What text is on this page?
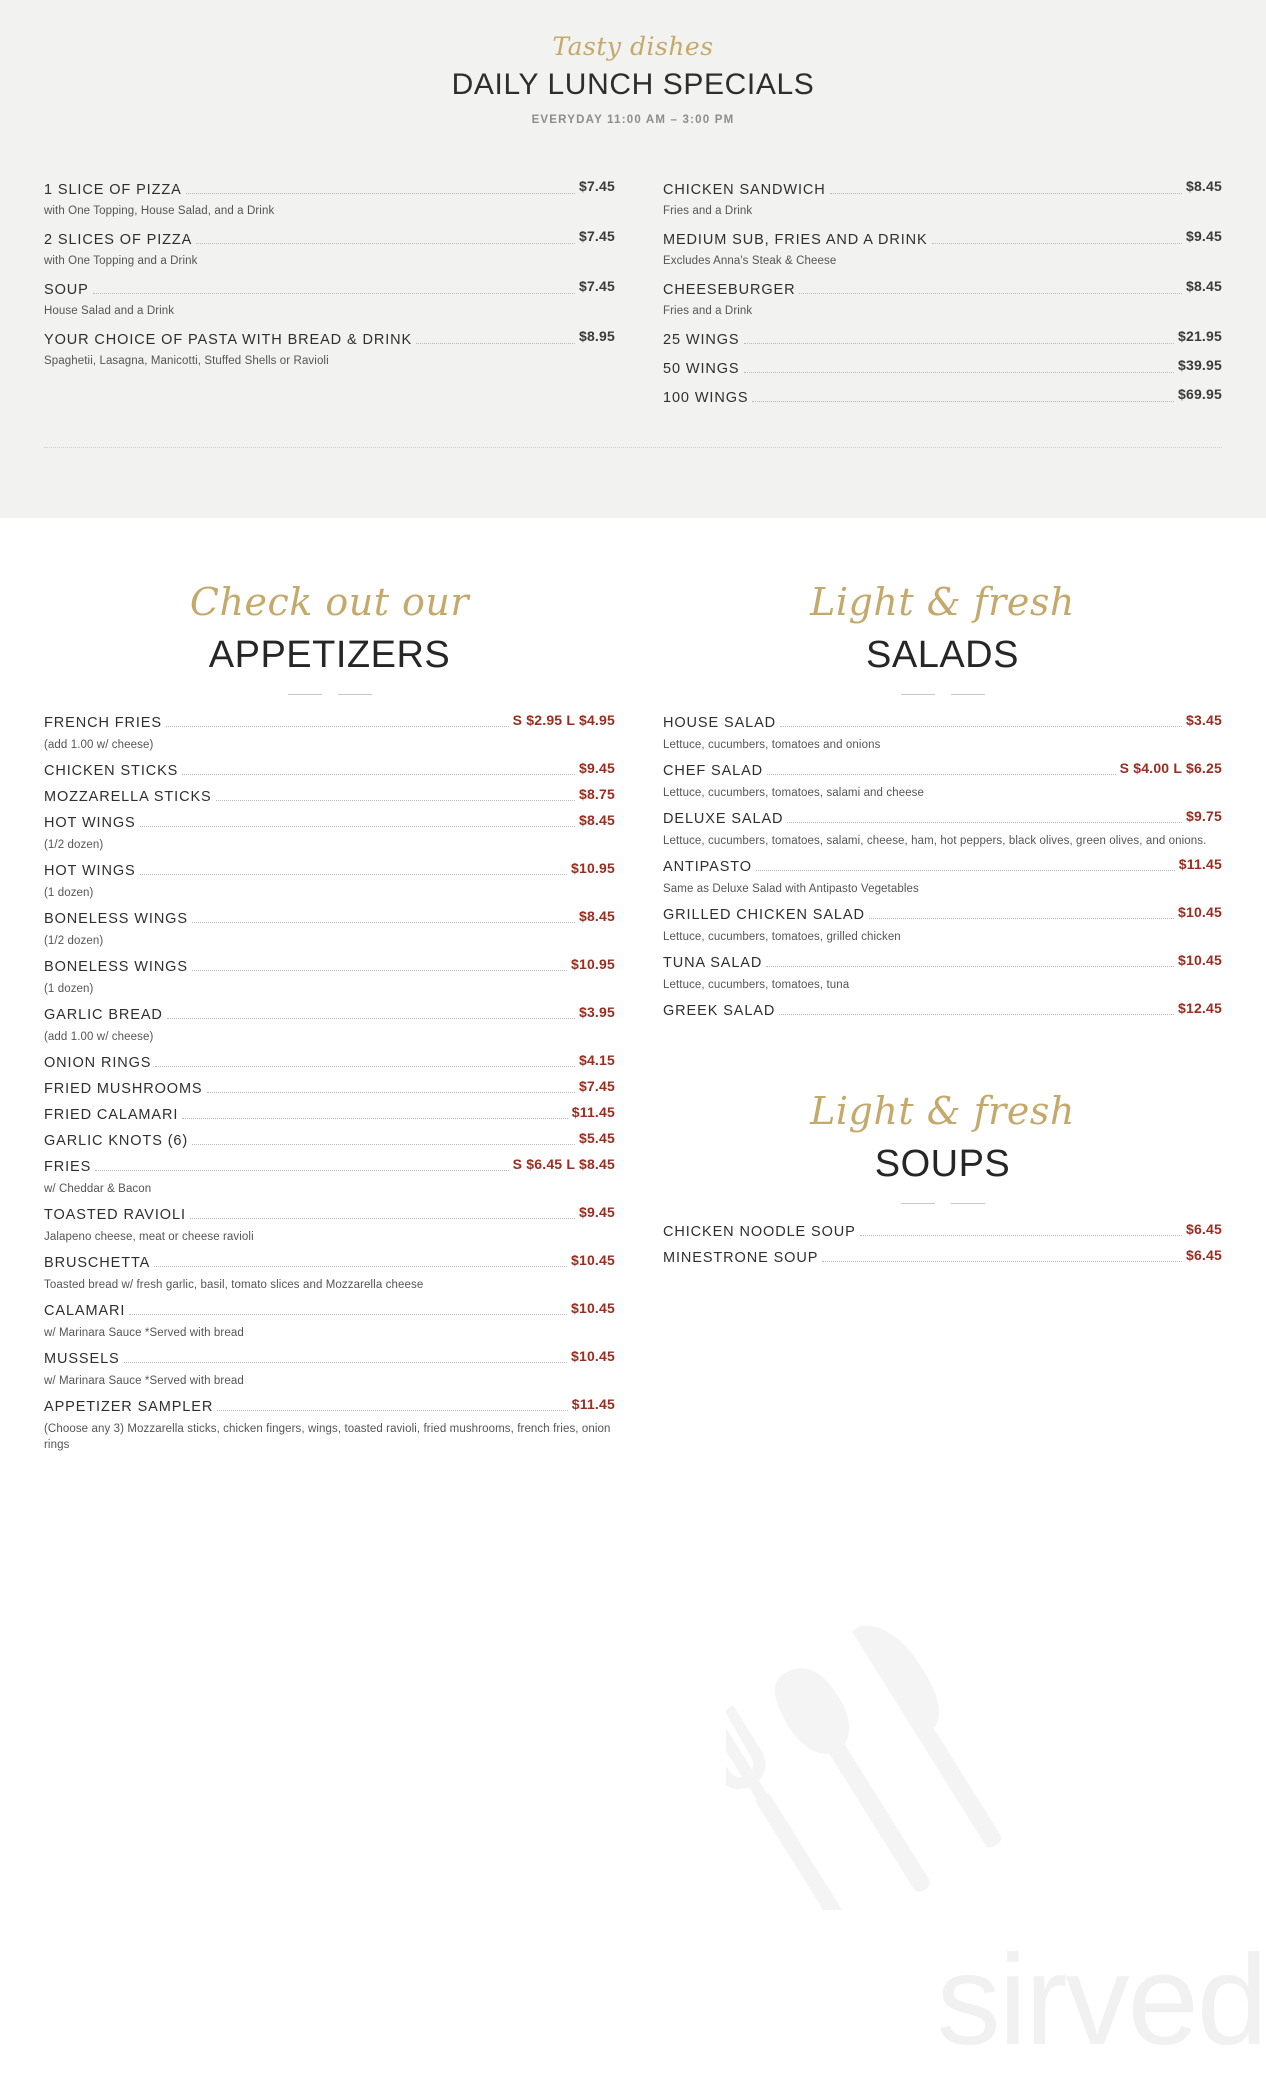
Tasty dishes
DAILY LUNCH SPECIALS
EVERYDAY 11:00 AM – 3:00 PM
1 SLICE OF PIZZA	$7.45
with One Topping, House Salad, and a Drink
2 SLICES OF PIZZA	$7.45
with One Topping and a Drink
SOUP	$7.45
House Salad and a Drink
YOUR CHOICE OF PASTA WITH BREAD & DRINK	$8.95
Spaghetii, Lasagna, Manicotti, Stuffed Shells or Ravioli
CHICKEN SANDWICH	$8.45
Fries and a Drink
MEDIUM SUB, FRIES AND A DRINK	$9.45
Excludes Anna's Steak & Cheese
CHEESEBURGER	$8.45
Fries and a Drink
25 WINGS	$21.95
50 WINGS	$39.95
100 WINGS	$69.95
Check out our
APPETIZERS
FRENCH FRIES	S $2.95 L $4.95
(add 1.00 w/ cheese)
CHICKEN STICKS	$9.45
MOZZARELLA STICKS	$8.75
HOT WINGS	$8.45
(1/2 dozen)
HOT WINGS	$10.95
(1 dozen)
BONELESS WINGS	$8.45
(1/2 dozen)
BONELESS WINGS	$10.95
(1 dozen)
GARLIC BREAD	$3.95
(add 1.00 w/ cheese)
ONION RINGS	$4.15
FRIED MUSHROOMS	$7.45
FRIED CALAMARI	$11.45
GARLIC KNOTS (6)	$5.45
FRIES	S $6.45 L $8.45
w/ Cheddar & Bacon
TOASTED RAVIOLI	$9.45
Jalapeno cheese, meat or cheese ravioli
BRUSCHETTA	$10.45
Toasted bread w/ fresh garlic, basil, tomato slices and Mozzarella cheese
CALAMARI	$10.45
w/ Marinara Sauce *Served with bread
MUSSELS	$10.45
w/ Marinara Sauce *Served with bread
APPETIZER SAMPLER	$11.45
(Choose any 3) Mozzarella sticks, chicken fingers, wings, toasted ravioli, fried mushrooms, french fries, onion rings
Light & fresh
SALADS
HOUSE SALAD	$3.45
Lettuce, cucumbers, tomatoes and onions
CHEF SALAD	S $4.00 L $6.25
Lettuce, cucumbers, tomatoes, salami and cheese
DELUXE SALAD	$9.75
Lettuce, cucumbers, tomatoes, salami, cheese, ham, hot peppers, black olives, green olives, and onions.
ANTIPASTO	$11.45
Same as Deluxe Salad with Antipasto Vegetables
GRILLED CHICKEN SALAD	$10.45
Lettuce, cucumbers, tomatoes, grilled chicken
TUNA SALAD	$10.45
Lettuce, cucumbers, tomatoes, tuna
GREEK SALAD	$12.45
Light & fresh
SOUPS
CHICKEN NOODLE SOUP	$6.45
MINESTRONE SOUP	$6.45
sirved
